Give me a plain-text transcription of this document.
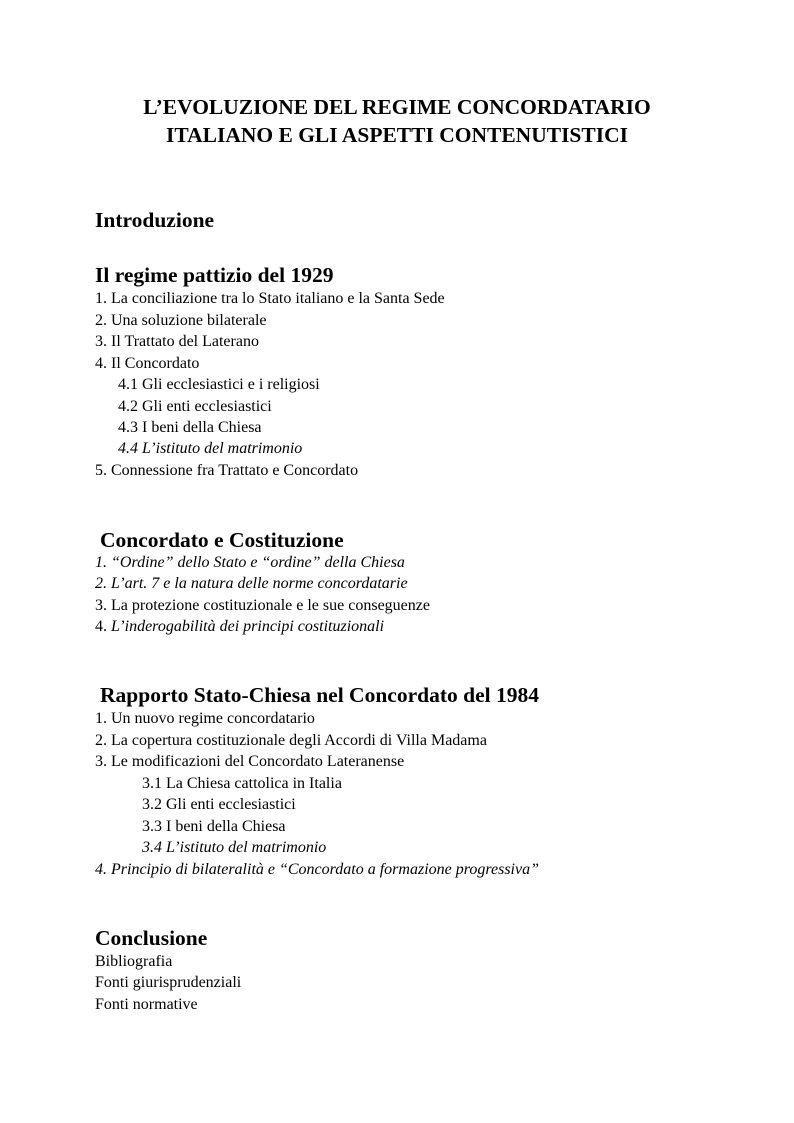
L’EVOLUZIONE DEL REGIME CONCORDATARIO
ITALIANO E GLI ASPETTI CONTENUTISTICI
Introduzione
Il regime pattizio del 1929
1. La conciliazione tra lo Stato italiano e la Santa Sede
2. Una soluzione bilaterale
3. Il Trattato del Laterano
4. Il Concordato
4.1 Gli ecclesiastici e i religiosi
4.2 Gli enti ecclesiastici
4.3 I beni della Chiesa
4.4 L’istituto del matrimonio
5. Connessione fra Trattato e Concordato
Concordato e Costituzione
1. “Ordine” dello Stato e “ordine” della Chiesa
2. L’art. 7 e la natura delle norme concordatarie
3. La protezione costituzionale e le sue conseguenze
4. L’inderogabilità dei principi costituzionali
Rapporto Stato-Chiesa nel Concordato del 1984
1. Un nuovo regime concordatario
2. La copertura costituzionale degli Accordi di Villa Madama
3. Le modificazioni del Concordato Lateranense
3.1 La Chiesa cattolica in Italia
3.2 Gli enti ecclesiastici
3.3 I beni della Chiesa
3.4 L’istituto del matrimonio
4. Principio di bilateralità e “Concordato a formazione progressiva”
Conclusione
Bibliografia
Fonti giurisprudenziali
Fonti normative
